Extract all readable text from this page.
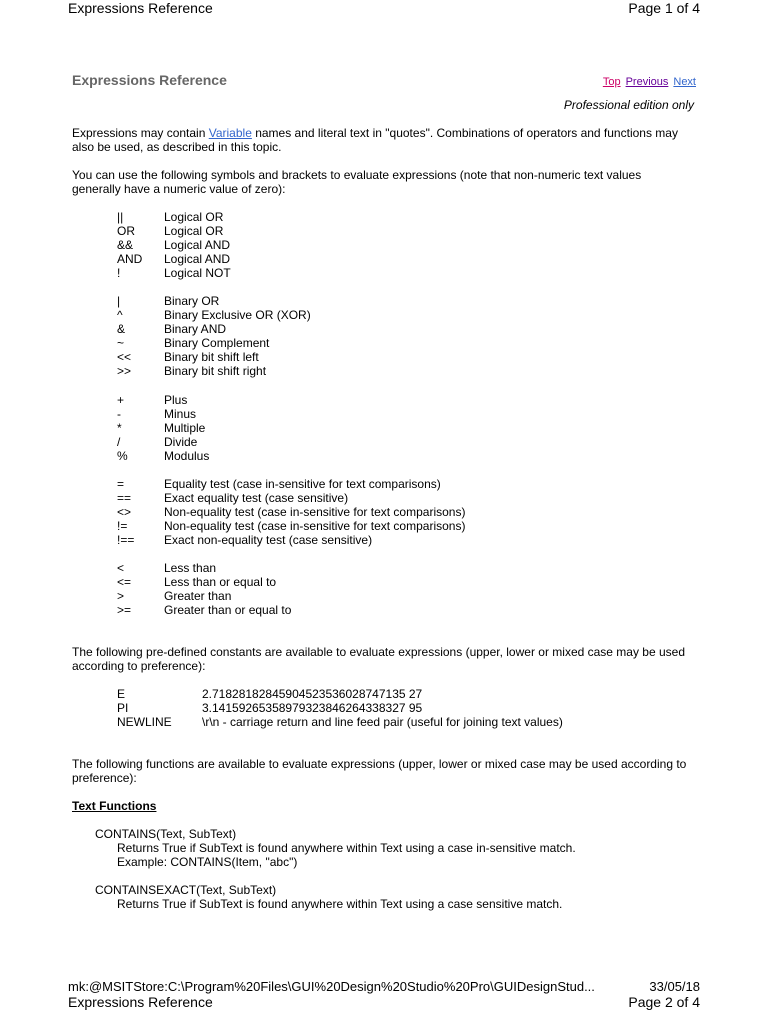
Expressions Reference	Page 1 of 4
Expressions Reference	Top Previous Next
Professional edition only
Expressions may contain Variable names and literal text in "quotes". Combinations of operators and functions may also be used, as described in this topic.
You can use the following symbols and brackets to evaluate expressions (note that non-numeric text values generally have a numeric value of zero):
||	Logical OR
OR Logical OR
&&	Logical AND
AND Logical AND
!	Logical NOT
|	Binary OR
^	Binary Exclusive OR (XOR)
&	Binary AND
~	Binary Complement
<<	Binary bit shift left
>>	Binary bit shift right
+	Plus
-	Minus
*	Multiple
/	Divide
%	Modulus
=	Equality test (case in-sensitive for text comparisons)
==	Exact equality test (case sensitive)
<>	Non-equality test (case in-sensitive for text comparisons)
!=	Non-equality test (case in-sensitive for text comparisons)
!== Exact non-equality test (case sensitive)
<	Less than
<=	Less than or equal to
>	Greater than
>=	Greater than or equal to
The following pre-defined constants are available to evaluate expressions (upper, lower or mixed case may be used according to preference):
E	2.71828182845904523536028747135 27
PI	3.14159265358979323846264338327 95
NEWLINE	\r\n - carriage return and line feed pair (useful for joining text values)
The following functions are available to evaluate expressions (upper, lower or mixed case may be used according to preference):
Text Functions
CONTAINS(Text, SubText)
Returns True if SubText is found anywhere within Text using a case in-sensitive match.
Example: CONTAINS(Item, "abc")
CONTAINSEXACT(Text, SubText)
Returns True if SubText is found anywhere within Text using a case sensitive match.
mk:@MSITStore:C:\Program%20Files\GUI%20Design%20Studio%20Pro\GUIDesignStud...	33/05/18
Expressions Reference	Page 2 of 4
